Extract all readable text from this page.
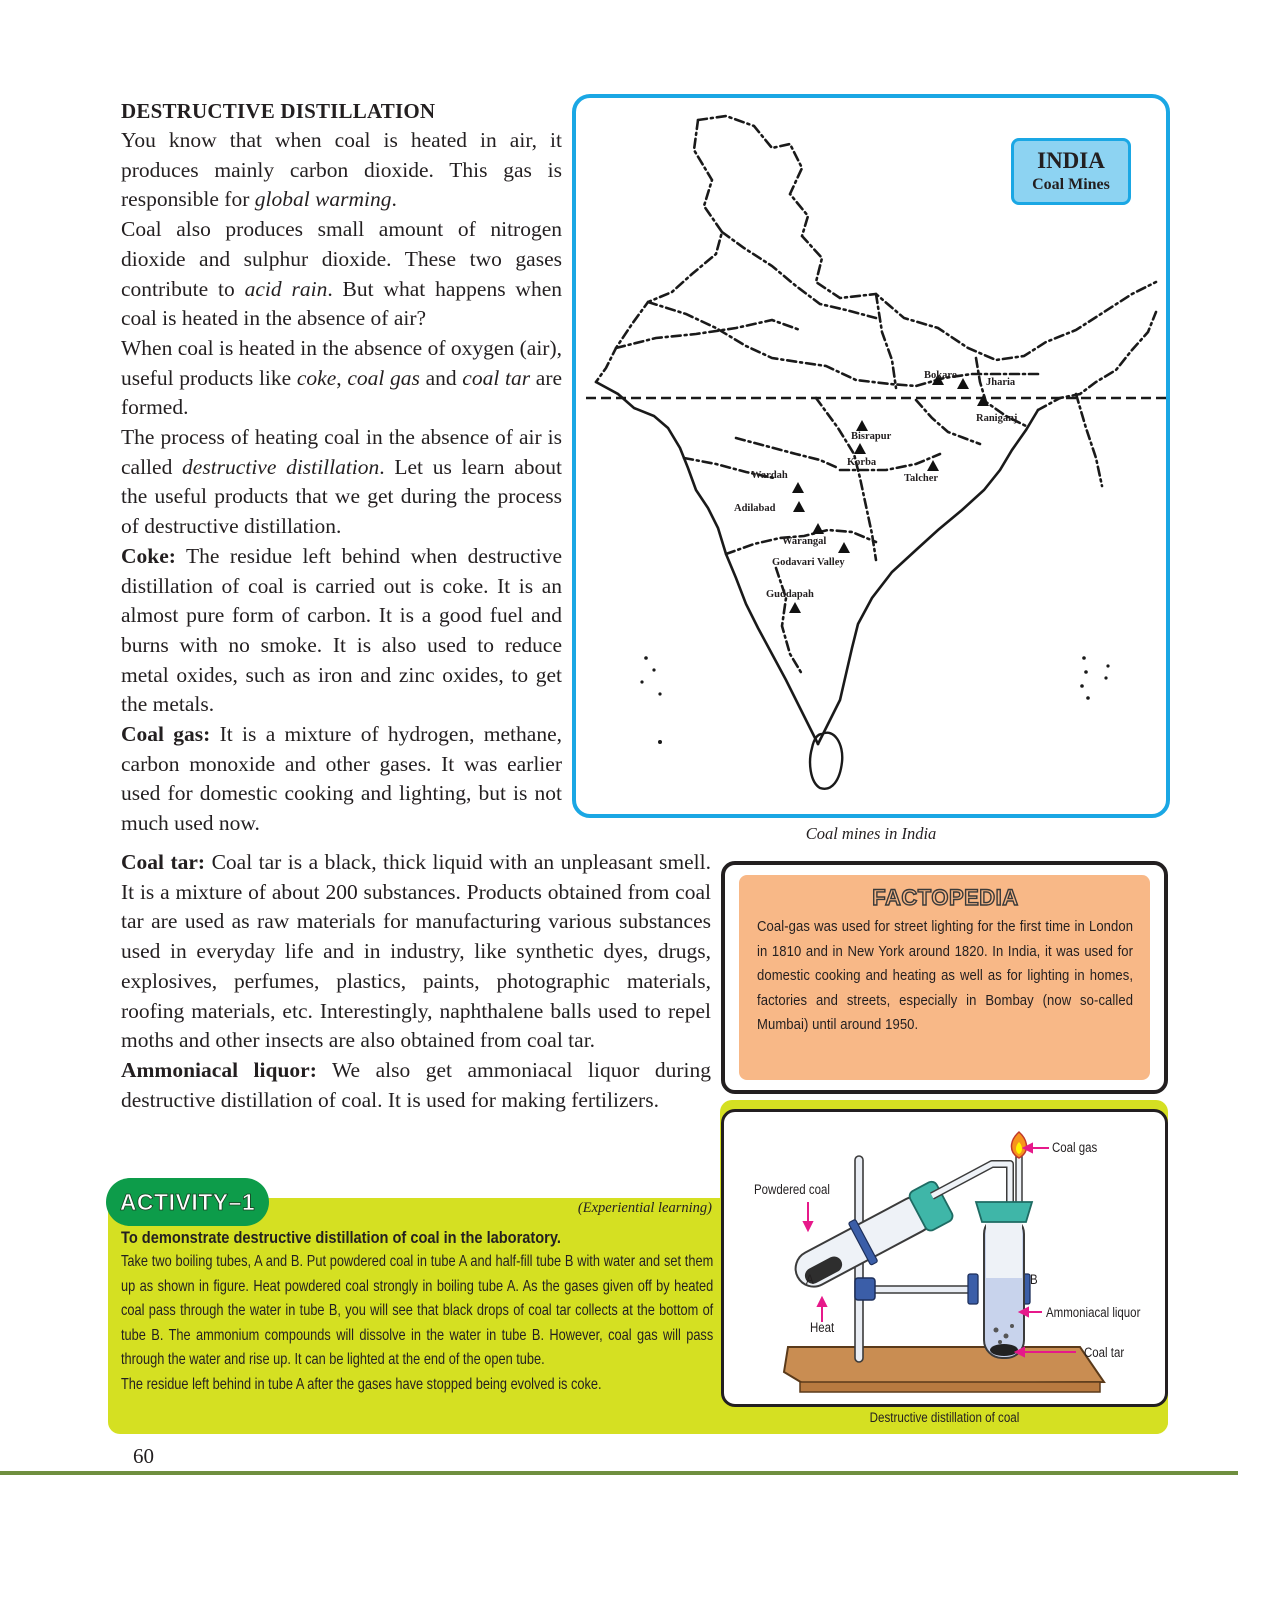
DESTRUCTIVE DISTILLATION

You know that when coal is heated in air, it produces mainly carbon dioxide. This gas is responsible for global warming.

Coal also produces small amount of nitrogen dioxide and sulphur dioxide. These two gases contribute to acid rain. But what happens when coal is heated in the absence of air?

When coal is heated in the absence of oxygen (air), useful products like coke, coal gas and coal tar are formed.

The process of heating coal in the absence of air is called destructive distillation. Let us learn about the useful products that we get during the process of destructive distillation.

Coke: The residue left behind when destructive distillation of coal is carried out is coke. It is an almost pure form of carbon. It is a good fuel and burns with no smoke. It is also used to reduce metal oxides, such as iron and zinc oxides, to get the metals.

Coal gas: It is a mixture of hydrogen, methane, carbon monoxide and other gases. It was earlier used for domestic cooking and lighting, but is not much used now.

Coal tar: Coal tar is a black, thick liquid with an unpleasant smell. It is a mixture of about 200 substances. Products obtained from coal tar are used as raw materials for manufacturing various substances used in everyday life and in industry, like synthetic dyes, drugs, explosives, perfumes, plastics, paints, photographic materials, roofing materials, etc. Interestingly, naphthalene balls used to repel moths and other insects are also obtained from coal tar.

Ammoniacal liquor: We also get ammoniacal liquor during destructive distillation of coal. It is used for making fertilizers.

INDIA
Coal Mines
Bokaro
Jharia
Raniganj
Bisrapur
Korba
Talcher
Wardah
Adilabad
Warangal
Godavari Valley
Guddapah
Coal mines in India
FACTOPEDIA
Coal-gas was used for street lighting for the first time in London in 1810 and in New York around 1820. In India, it was used for domestic cooking and heating as well as for lighting in homes, factories and streets, especially in Bombay (now so-called Mumbai) until around 1950.
ACTIVITY–1	(Experiential learning)
To demonstrate destructive distillation of coal in the laboratory.

Take two boiling tubes, A and B. Put powdered coal in tube A and half-fill tube B with water and set them up as shown in figure. Heat powdered coal strongly in boiling tube A. As the gases given off by heated coal pass through the water in tube B, you will see that black drops of coal tar collects at the bottom of tube B. The ammonium compounds will dissolve in the water in tube B. However, coal gas will pass through the water and rise up. It can be lighted at the end of the open tube.

The residue left behind in tube A after the gases have stopped being evolved is coke.

Coal gas
Powdered coal
A	B
Heat
Ammoniacal liquor
Coal tar
Destructive distillation of coal
60
